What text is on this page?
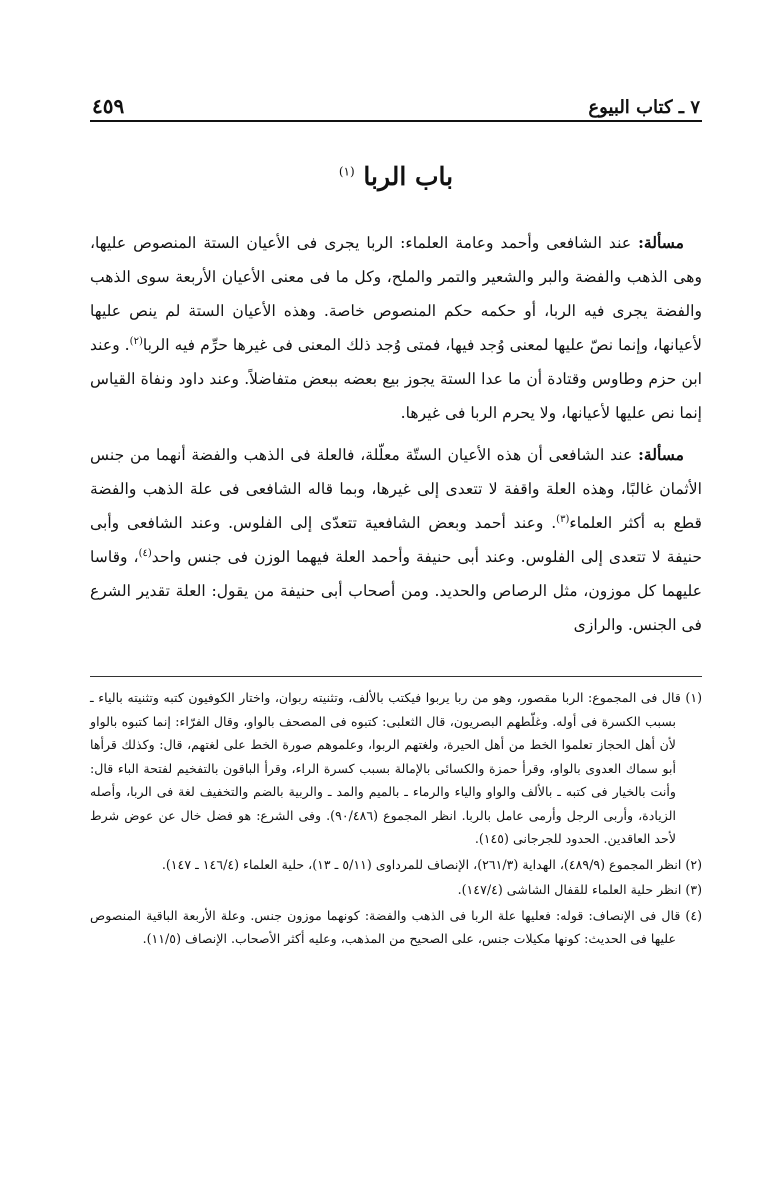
٧ ـ كتاب البيوع
٤٥٩
باب الربا $^{(١)}$

مسألة: عند الشافعى وأحمد وعامة العلماء: الربا يجرى فى الأعيان الستة المنصوص عليها، وهى الذهب والفضة والبر والشعير والتمر والملح، وكل ما فى معنى الأعيان الأربعة سوى الذهب والفضة يجرى فيه الربا، أو حكمه حكم المنصوص خاصة. وهذه الأعيان الستة لم ينص عليها لأعيانها، وإنما نصّ عليها لمعنى وُجد فيها، فمتى وُجد ذلك المعنى فى غيرها حرِّم فيه الربا$^{(٢)}$. وعند ابن حزم وطاوس وقتادة أن ما عدا الستة يجوز بيع بعضه ببعض متفاضلاً. وعند داود ونفاة القياس إنما نص عليها لأعيانها، ولا يحرم الربا فى غيرها.

مسألة: عند الشافعى أن هذه الأعيان الستّة معلّلة، فالعلة فى الذهب والفضة أنهما من جنس الأثمان غالبًا، وهذه العلة واقفة لا تتعدى إلى غيرها، وبما قاله الشافعى فى علة الذهب والفضة قطع به أكثر العلماء$^{(٣)}$. وعند أحمد وبعض الشافعية تتعدّى إلى الفلوس. وعند الشافعى وأبى حنيفة لا تتعدى إلى الفلوس. وعند أبى حنيفة وأحمد العلة فيهما الوزن فى جنس واحد$^{(٤)}$، وقاسا عليهما كل موزون، مثل الرصاص والحديد. ومن أصحاب أبى حنيفة من يقول: العلة تقدير الشرع فى الجنس. والرازى

(١) قال فى المجموع: الربا مقصور، وهو من ربا يربوا فيكتب بالألف، وتثنيته ربوان، واختار الكوفيون كتبه وتثنيته بالياء ـ بسبب الكسرة فى أوله. وغلّطهم البصريون، قال الثعلبى: كتبوه فى المصحف بالواو، وقال الفرّاء: إنما كتبوه بالواو لأن أهل الحجاز تعلموا الخط من أهل الحيرة، ولغتهم الربوا، وعلموهم صورة الخط على لغتهم، قال: وكذلك قرأها أبو سماك العدوى بالواو، وقرأ حمزة والكسائى بالإمالة بسبب كسرة الراء، وقرأ الباقون بالتفخيم لفتحة الباء قال: وأنت بالخيار فى كتبه ـ بالألف والواو والياء والرماء ـ بالميم والمد ـ والربية بالضم والتخفيف لغة فى الربا، وأصله الزيادة، وأربى الرجل وأرمى عامل بالربا. انظر المجموع (٩٠/٤٨٦). وفى الشرع: هو فضل خال عن عوض شرط لأحد العاقدين. الحدود للجرجانى (١٤٥).

(٢) انظر المجموع (٤٨٩/٩)، الهداية (٢٦١/٣)، الإنصاف للمرداوى (٥/١١ ـ ١٣)، حلية العلماء (١٤٦/٤ ـ ١٤٧).

(٣) انظر حلية العلماء للقفال الشاشى (١٤٧/٤).

(٤) قال فى الإنصاف: قوله: فعليها علة الربا فى الذهب والفضة: كونهما موزون جنس. وعلة الأربعة الباقية المنصوص عليها فى الحديث: كونها مكيلات جنس، على الصحيح من المذهب، وعليه أكثر الأصحاب. الإنصاف (١١/٥).
